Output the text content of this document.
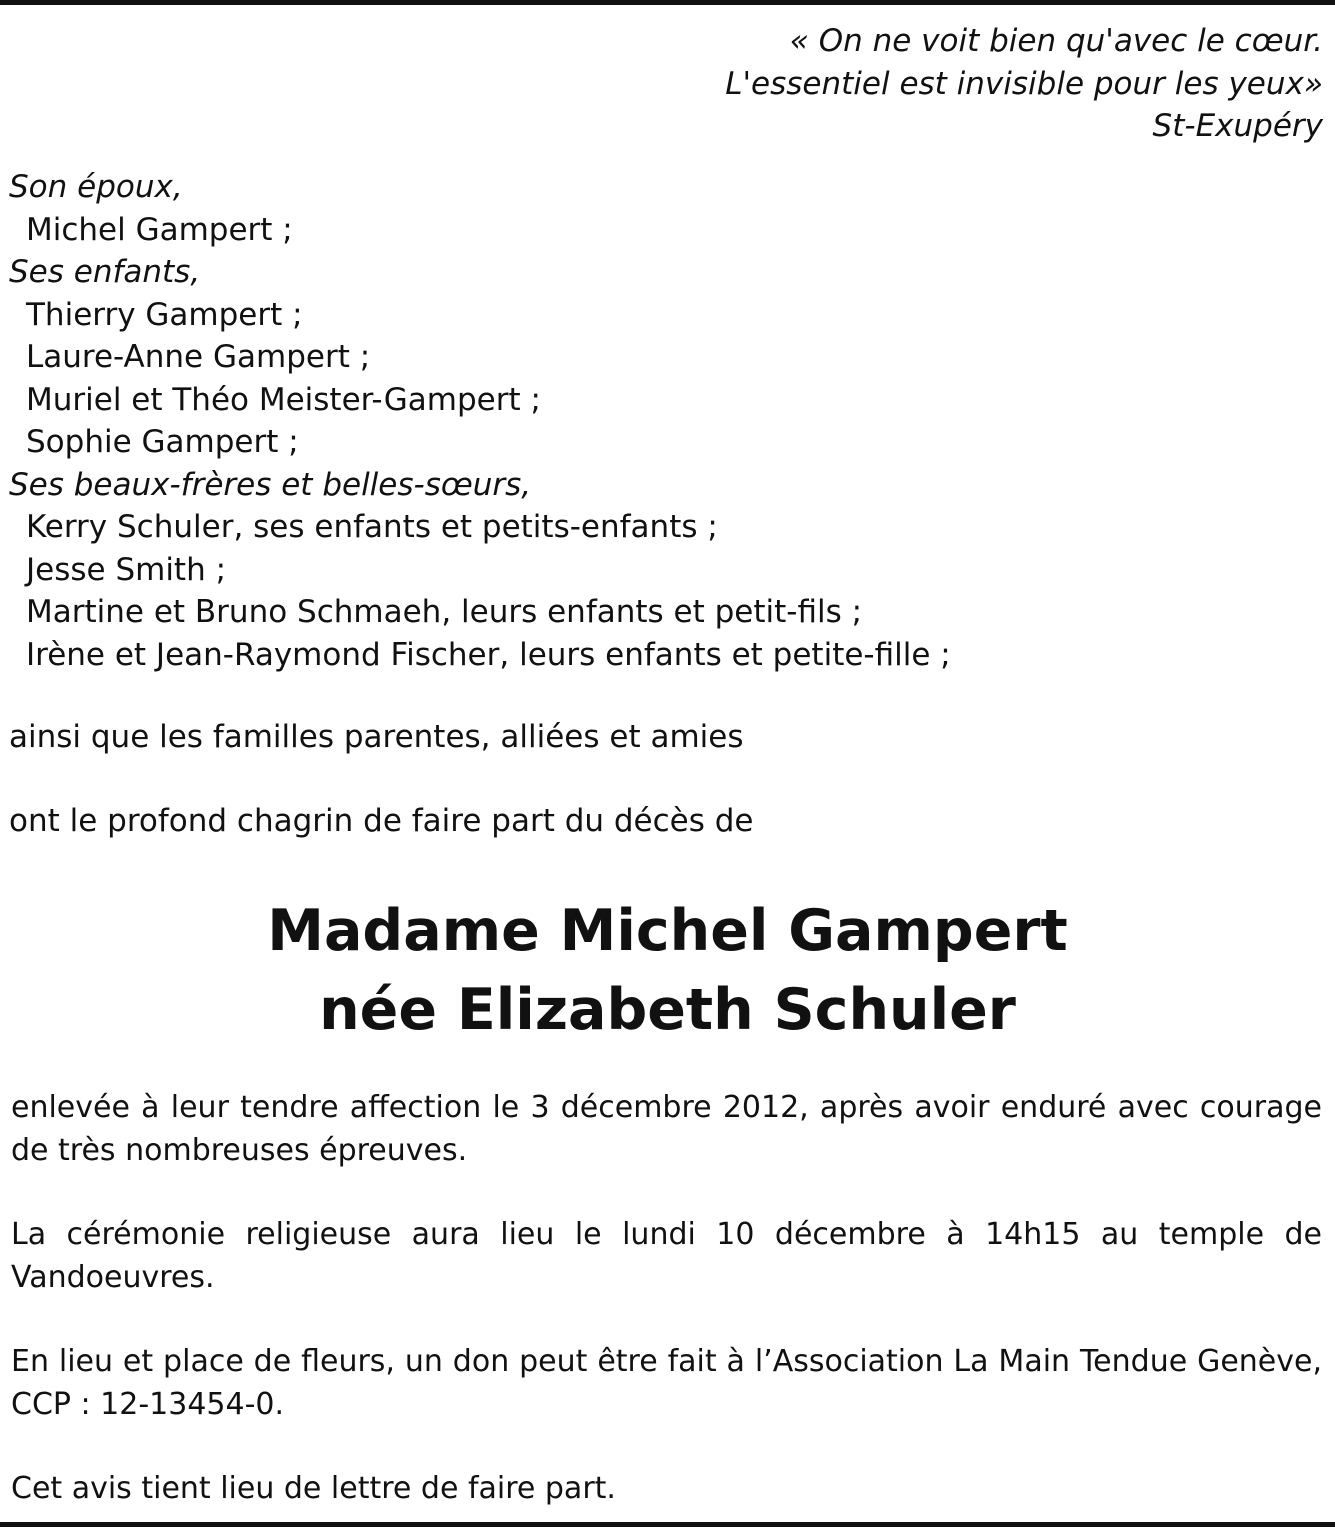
« On ne voit bien qu'avec le cœur.
L'essentiel est invisible pour les yeux»
St-Exupéry
Son époux,
Michel Gampert ;
Ses enfants,
Thierry Gampert ;
Laure-Anne Gampert ;
Muriel et Théo Meister-Gampert ;
Sophie Gampert ;
Ses beaux-frères et belles-sœurs,
Kerry Schuler, ses enfants et petits-enfants ;
Jesse Smith ;
Martine et Bruno Schmaeh, leurs enfants et petit-fils ;
Irène et Jean-Raymond Fischer, leurs enfants et petite-fille ;
ainsi que les familles parentes, alliées et amies
ont le profond chagrin de faire part du décès de
Madame Michel Gampert
née Elizabeth Schuler
enlevée à leur tendre affection le 3 décembre 2012, après avoir enduré avec courage de très nombreuses épreuves.
La cérémonie religieuse aura lieu le lundi 10 décembre à 14h15 au temple de Vandoeuvres.
En lieu et place de fleurs, un don peut être fait à l’Association La Main Tendue Genève, CCP : 12-13454-0.
Cet avis tient lieu de lettre de faire part.
